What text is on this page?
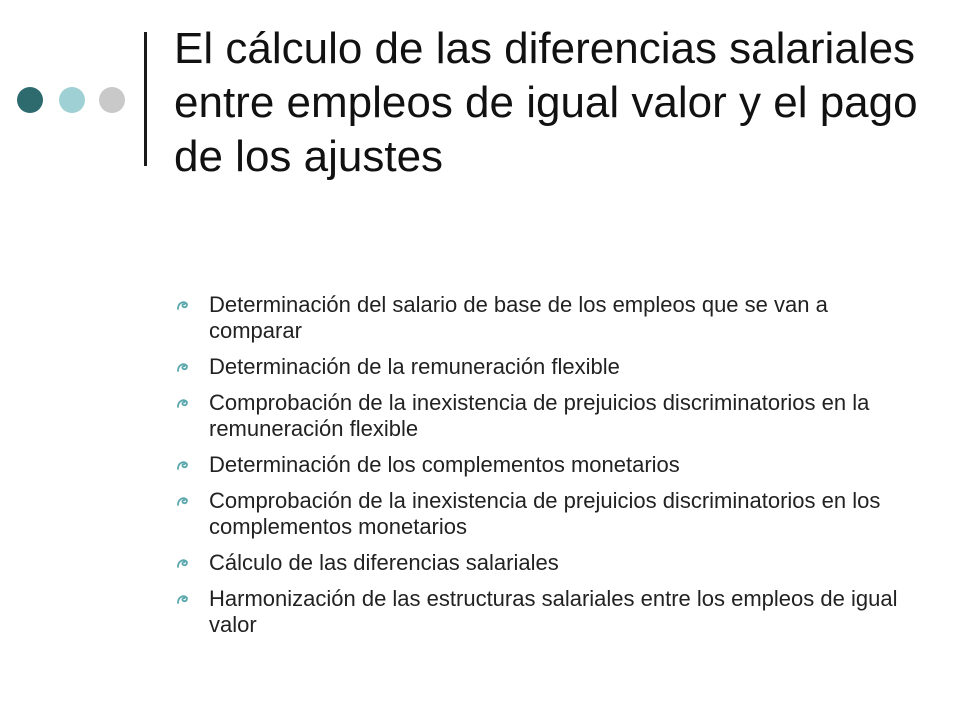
El cálculo de las diferencias salariales entre empleos de igual valor y el pago de los ajustes
Determinación del salario de base de los empleos que se van a comparar
Determinación de la remuneración flexible
Comprobación de la inexistencia de prejuicios discriminatorios en la remuneración flexible
Determinación de los complementos monetarios
Comprobación de la inexistencia de prejuicios discriminatorios en los complementos monetarios
Cálculo de las diferencias salariales
Harmonización de las estructuras salariales entre los empleos de igual valor
